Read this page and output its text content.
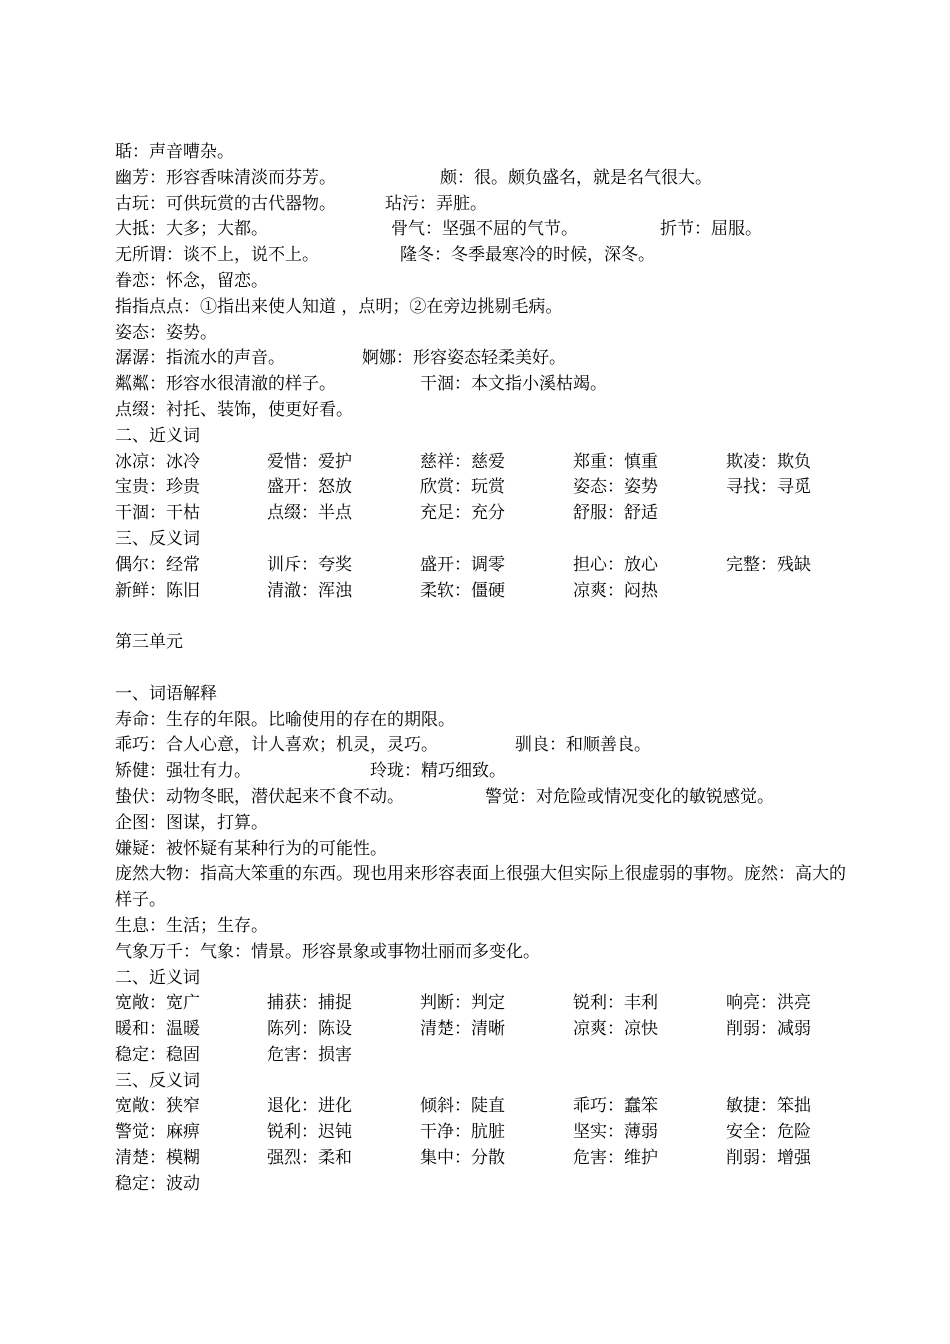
聒：声音嘈杂。
幽芳：形容香味清淡而芬芳。	颇：很。颇负盛名，就是名气很大。
古玩：可供玩赏的古代器物。	玷污：弄脏。
大抵：大多；大都。	骨气：坚强不屈的气节。	折节：屈服。
无所谓：谈不上，说不上。	隆冬：冬季最寒冷的时候，深冬。
眷恋：怀念，留恋。
指指点点：①指出来使人知道 ，点明；②在旁边挑剔毛病。
姿态：姿势。
潺潺：指流水的声音。	婀娜：形容姿态轻柔美好。
粼粼：形容水很清澈的样子。	干涸：本文指小溪枯竭。
点缀：衬托、装饰，使更好看。
二、近义词
冰凉：冰冷	爱惜：爱护	慈祥：慈爱	郑重：慎重	欺凌：欺负
宝贵：珍贵	盛开：怒放	欣赏：玩赏	姿态：姿势	寻找：寻觅
干涸：干枯	点缀：半点	充足：充分	舒服：舒适
三、反义词
偶尔：经常	训斥：夸奖	盛开：调零	担心：放心	完整：残缺
新鲜：陈旧	清澈：浑浊	柔软：僵硬	凉爽：闷热
第三单元
一、词语解释
寿命：生存的年限。比喻使用的存在的期限。
乖巧：合人心意，计人喜欢；机灵，灵巧。	驯良：和顺善良。
矫健：强壮有力。	玲珑：精巧细致。
蛰伏：动物冬眠，潜伏起来不食不动。	警觉：对危险或情况变化的敏锐感觉。
企图：图谋，打算。
嫌疑：被怀疑有某种行为的可能性。
庞然大物：指高大笨重的东西。现也用来形容表面上很强大但实际上很虚弱的事物。庞然：高大的样子。
生息：生活；生存。
气象万千：气象：情景。形容景象或事物壮丽而多变化。
二、近义词
宽敞：宽广	捕获：捕捉	判断：判定	锐利：丰利	响亮：洪亮
暖和：温暖	陈列：陈设	清楚：清晰	凉爽：凉快	削弱：减弱
稳定：稳固	危害：损害
三、反义词
宽敞：狭窄	退化：进化	倾斜：陡直	乖巧：蠢笨	敏捷：笨拙
警觉：麻痹	锐利：迟钝	干净：肮脏	坚实：薄弱	安全：危险
清楚：模糊	强烈：柔和	集中：分散	危害：维护	削弱：增强
稳定：波动
